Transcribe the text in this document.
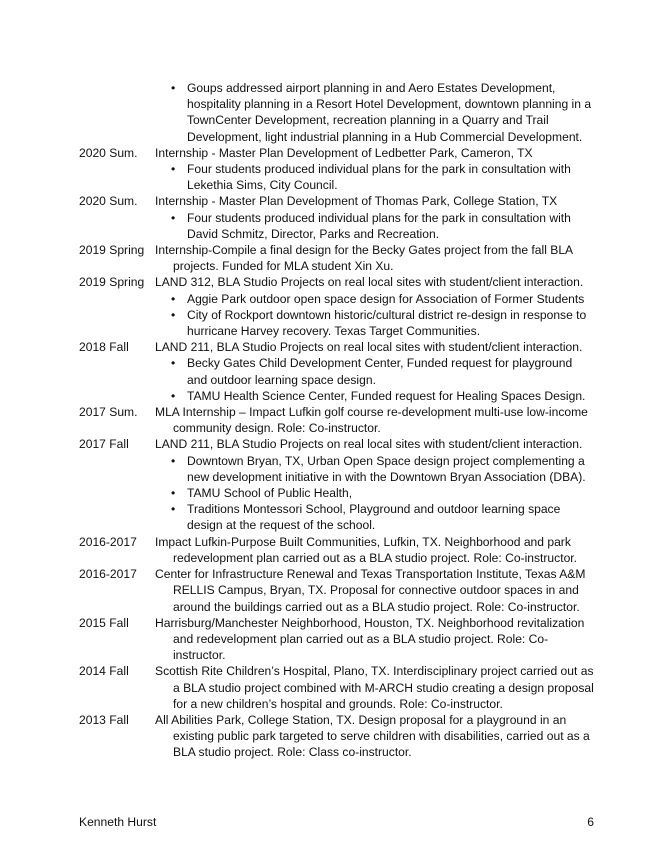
• Goups addressed airport planning in and Aero Estates Development, hospitality planning in a Resort Hotel Development, downtown planning in a TownCenter Development, recreation planning in a Quarry and Trail Development, light industrial planning in a Hub Commercial Development.
2020 Sum.	Internship - Master Plan Development of Ledbetter Park, Cameron, TX
• Four students produced individual plans for the park in consultation with Lekethia Sims, City Council.
2020 Sum.	Internship - Master Plan Development of Thomas Park, College Station, TX
• Four students produced individual plans for the park in consultation with David Schmitz, Director, Parks and Recreation.
2019 Spring Internship-Compile a final design for the Becky Gates project from the fall BLA projects. Funded for MLA student Xin Xu.
2019 Spring LAND 312, BLA Studio Projects on real local sites with student/client interaction.
• Aggie Park outdoor open space design for Association of Former Students
• City of Rockport downtown historic/cultural district re-design in response to hurricane Harvey recovery. Texas Target Communities.
2018 Fall	LAND 211, BLA Studio Projects on real local sites with student/client interaction.
• Becky Gates Child Development Center, Funded request for playground and outdoor learning space design.
• TAMU Health Science Center, Funded request for Healing Spaces Design.
2017 Sum.	MLA Internship – Impact Lufkin golf course re-development multi-use low-income community design. Role: Co-instructor.
2017 Fall	LAND 211, BLA Studio Projects on real local sites with student/client interaction.
• Downtown Bryan, TX, Urban Open Space design project complementing a new development initiative in with the Downtown Bryan Association (DBA).
• TAMU School of Public Health,
• Traditions Montessori School, Playground and outdoor learning space design at the request of the school.
2016-2017	Impact Lufkin-Purpose Built Communities, Lufkin, TX. Neighborhood and park redevelopment plan carried out as a BLA studio project. Role: Co-instructor.
2016-2017	Center for Infrastructure Renewal and Texas Transportation Institute, Texas A&M RELLIS Campus, Bryan, TX. Proposal for connective outdoor spaces in and around the buildings carried out as a BLA studio project. Role: Co-instructor.
2015 Fall	Harrisburg/Manchester Neighborhood, Houston, TX. Neighborhood revitalization and redevelopment plan carried out as a BLA studio project. Role: Co-instructor.
2014 Fall	Scottish Rite Children’s Hospital, Plano, TX. Interdisciplinary project carried out as a BLA studio project combined with M-ARCH studio creating a design proposal for a new children’s hospital and grounds. Role: Co-instructor.
2013 Fall	All Abilities Park, College Station, TX. Design proposal for a playground in an existing public park targeted to serve children with disabilities, carried out as a BLA studio project. Role: Class co-instructor.
Kenneth Hurst	6
